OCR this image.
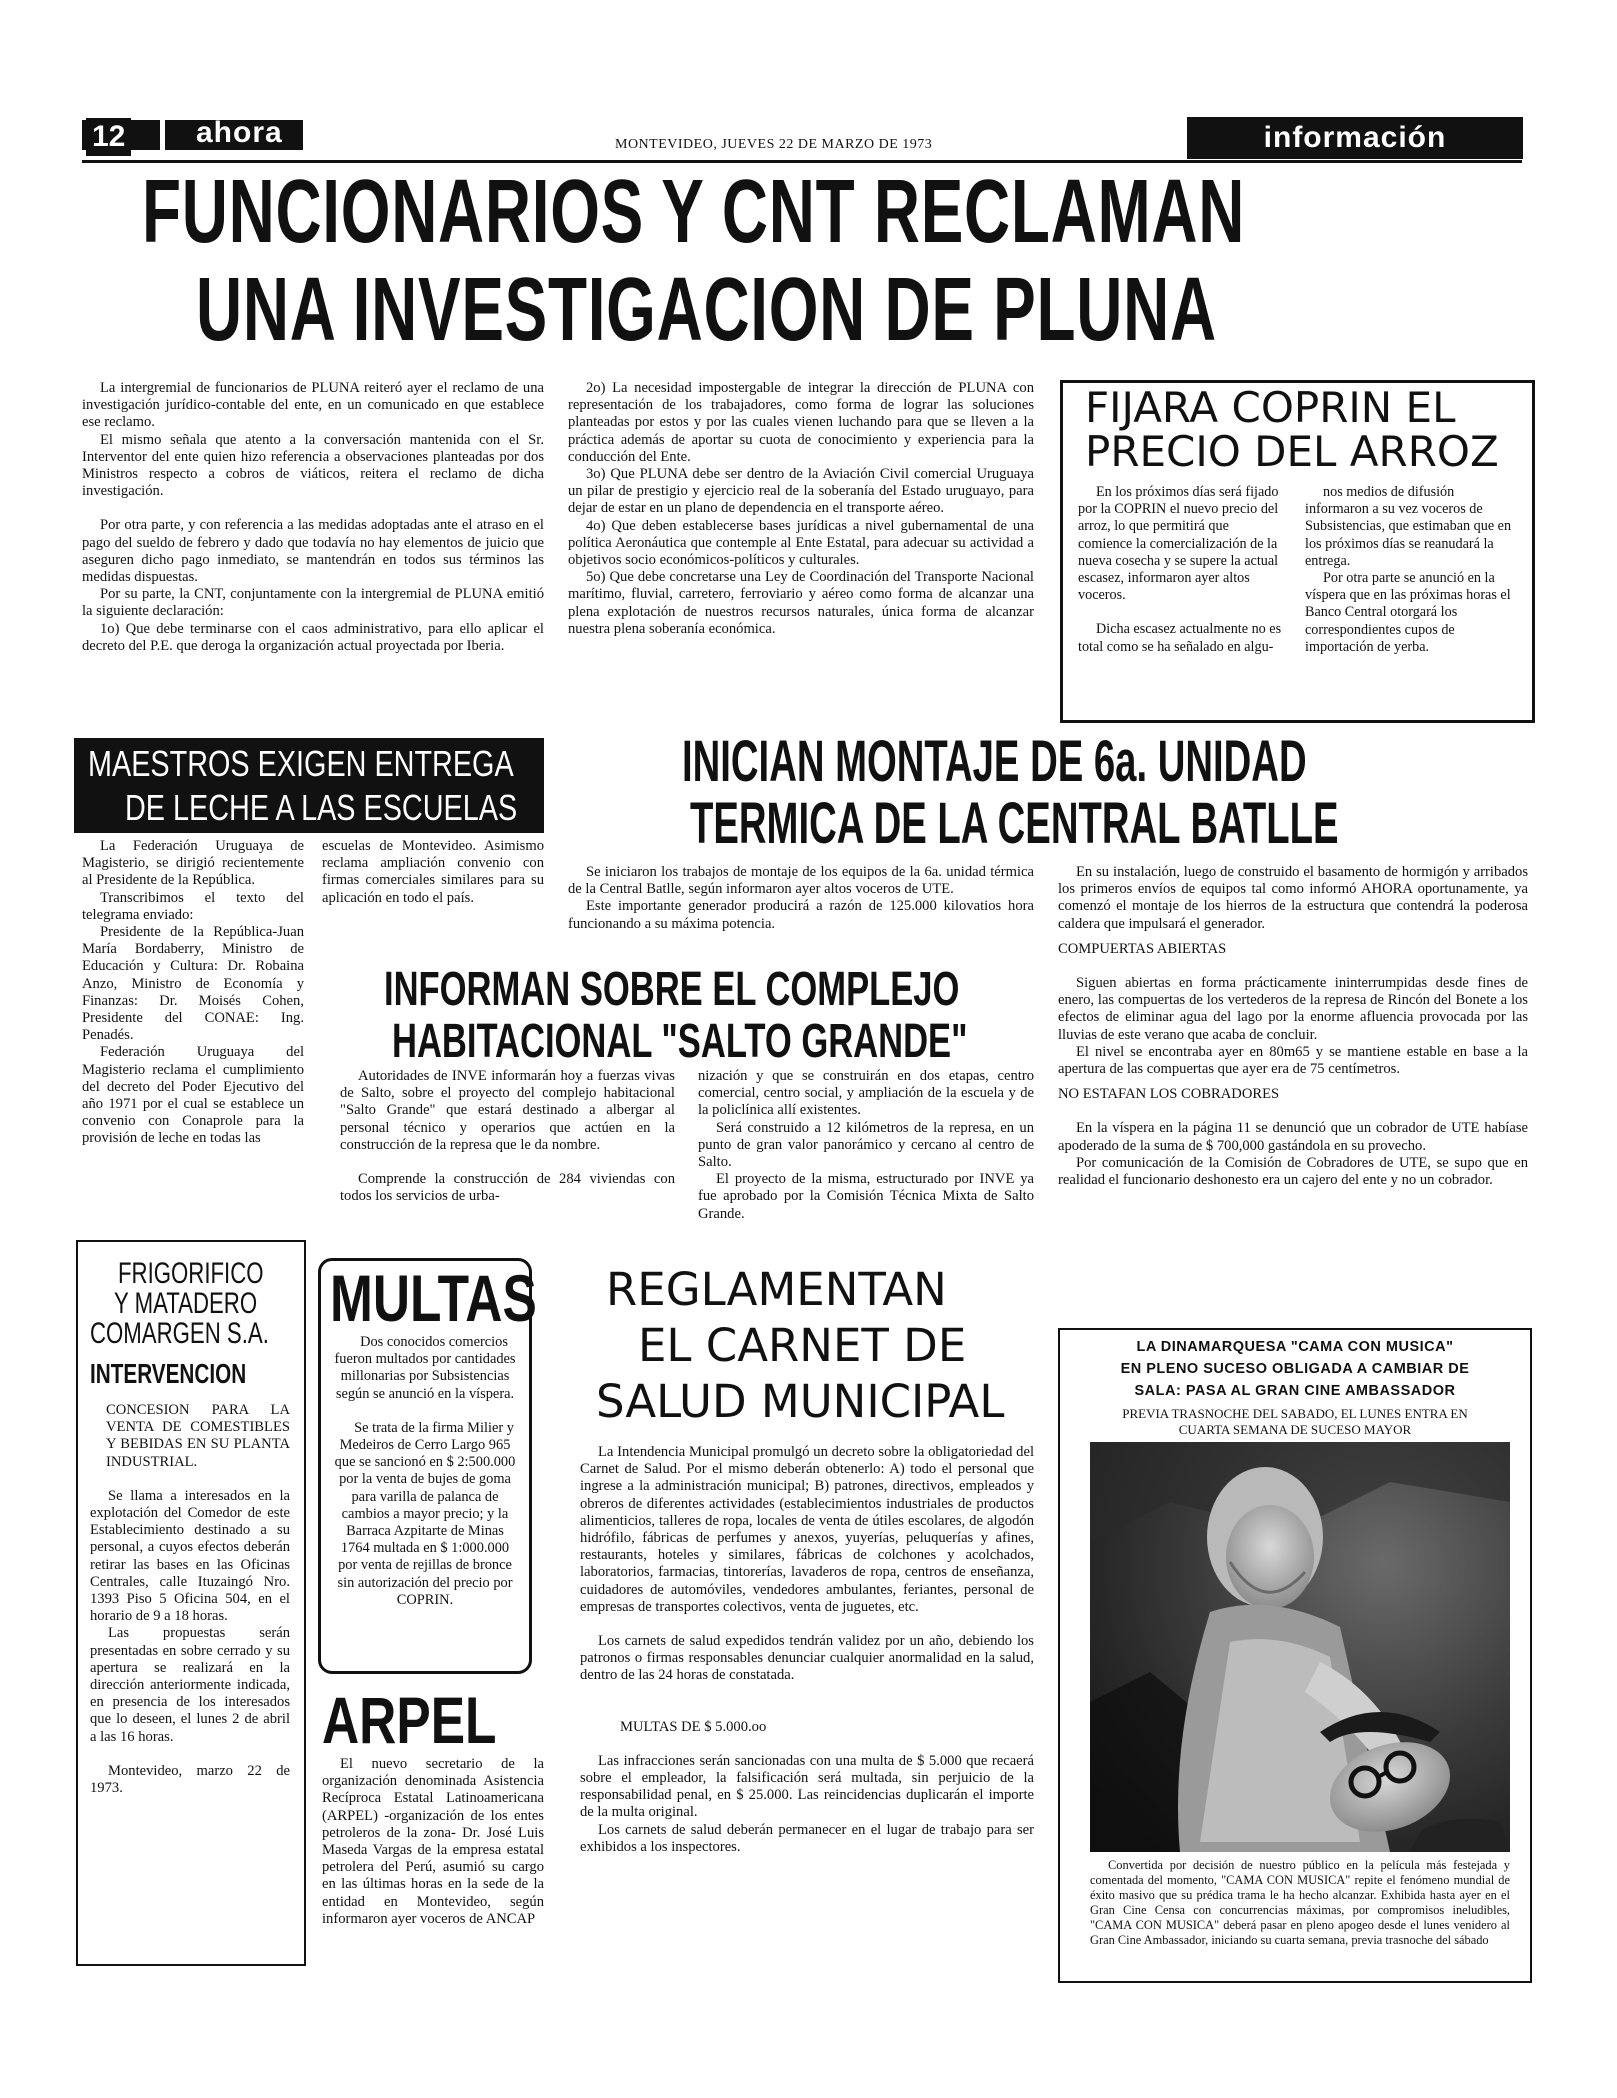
12 ahora	MONTEVIDEO, JUEVES 22 DE MARZO DE 1973	información
FUNCIONARIOS Y CNT RECLAMAN
UNA INVESTIGACION DE PLUNA

La intergremial de funcionarios de PLUNA reiteró ayer el reclamo de una investigación jurídico-contable del ente, en un comunicado en que establece ese reclamo.

El mismo señala que atento a la conversación mantenida con el Sr. Interventor del ente quien hizo referencia a observaciones planteadas por dos Ministros respecto a cobros de viáticos, reitera el reclamo de dicha investigación.

Por otra parte, y con referencia a las medidas adoptadas ante el atraso en el pago del sueldo de febrero y dado que todavía no hay elementos de juicio que aseguren dicho pago inmediato, se mantendrán en todos sus términos las medidas dispuestas.

Por su parte, la CNT, conjuntamente con la intergremial de PLUNA emitió la siguiente declaración:

1o) Que debe terminarse con el caos administrativo, para ello aplicar el decreto del P.E. que deroga la organización actual proyectada por Iberia.

2o) La necesidad impostergable de integrar la dirección de PLUNA con representación de los trabajadores, como forma de lograr las soluciones planteadas por estos y por las cuales vienen luchando para que se lleven a la práctica además de aportar su cuota de conocimiento y experiencia para la conducción del Ente.

3o) Que PLUNA debe ser dentro de la Aviación Civil comercial Uruguaya un pilar de prestigio y ejercicio real de la soberanía del Estado uruguayo, para dejar de estar en un plano de dependencia en el transporte aéreo.

4o) Que deben establecerse bases jurídicas a nivel gubernamental de una política Aeronáutica que contemple al Ente Estatal, para adecuar su actividad a objetivos socio económicos-políticos y culturales.

5o) Que debe concretarse una Ley de Coordinación del Transporte Nacional marítimo, fluvial, carretero, ferroviario y aéreo como forma de alcanzar una plena explotación de nuestros recursos naturales, única forma de alcanzar nuestra plena soberanía económica.

FIJARA COPRIN EL
PRECIO DEL ARROZ

En los próximos días será fijado por la COPRIN el nuevo precio del arroz, lo que permitirá que comience la comercialización de la nueva cosecha y se supere la actual escasez, informaron ayer altos voceros.

Dicha escasez actualmente no es total como se ha señalado en algu-

nos medios de difusión informaron a su vez voceros de Subsistencias, que estimaban que en los próximos días se reanudará la entrega.

Por otra parte se anunció en la víspera que en las próximas horas el Banco Central otorgará los correspondientes cupos de importación de yerba.

MAESTROS EXIGEN ENTREGA
DE LECHE A LAS ESCUELAS

La Federación Uruguaya de Magisterio, se dirigió recientemente al Presidente de la República.

Transcribimos el texto del telegrama enviado:

Presidente de la República-Juan María Bordaberry, Ministro de Educación y Cultura: Dr. Robaina Anzo, Ministro de Economía y Finanzas: Dr. Moisés Cohen, Presidente del CONAE: Ing. Penadés.

Federación Uruguaya del Magisterio reclama el cumplimiento del decreto del Poder Ejecutivo del año 1971 por el cual se establece un convenio con Conaprole para la provisión de leche en todas las

escuelas de Montevideo. Asimismo reclama ampliación convenio con firmas comerciales similares para su aplicación en todo el país.

INICIAN MONTAJE DE 6a. UNIDAD
TERMICA DE LA CENTRAL BATLLE

Se iniciaron los trabajos de montaje de los equipos de la 6a. unidad térmica de la Central Batlle, según informaron ayer altos voceros de UTE.

Este importante generador producirá a razón de 125.000 kilovatios hora funcionando a su máxima potencia.

En su instalación, luego de construido el basamento de hormigón y arribados los primeros envíos de equipos tal como informó AHORA oportunamente, ya comenzó el montaje de los hierros de la estructura que contendrá la poderosa caldera que impulsará el generador.

COMPUERTAS ABIERTAS

Siguen abiertas en forma prácticamente ininterrumpidas desde fines de enero, las compuertas de los vertederos de la represa de Rincón del Bonete a los efectos de eliminar agua del lago por la enorme afluencia provocada por las lluvias de este verano que acaba de concluir.

El nivel se encontraba ayer en 80m65 y se mantiene estable en base a la apertura de las compuertas que ayer era de 75 centímetros.

NO ESTAFAN LOS COBRADORES

En la víspera en la página 11 se denunció que un cobrador de UTE habíase apoderado de la suma de $ 700,000 gastándola en su provecho.

Por comunicación de la Comisión de Cobradores de UTE, se supo que en realidad el funcionario deshonesto era un cajero del ente y no un cobrador.

INFORMAN SOBRE EL COMPLEJO
HABITACIONAL "SALTO GRANDE"

Autoridades de INVE informarán hoy a fuerzas vivas de Salto, sobre el proyecto del complejo habitacional "Salto Grande" que estará destinado a albergar al personal técnico y operarios que actúen en la construcción de la represa que le da nombre.

Comprende la construcción de 284 viviendas con todos los servicios de urba-

nización y que se construirán en dos etapas, centro comercial, centro social, y ampliación de la escuela y de la policlínica allí existentes.

Será construido a 12 kilómetros de la represa, en un punto de gran valor panorámico y cercano al centro de Salto.

El proyecto de la misma, estructurado por INVE ya fue aprobado por la Comisión Técnica Mixta de Salto Grande.

FRIGORIFICO
Y MATADERO
COMARGEN S.A.
INTERVENCION

CONCESION PARA LA VENTA DE COMESTIBLES Y BEBIDAS EN SU PLANTA INDUSTRIAL.

Se llama a interesados en la explotación del Comedor de este Establecimiento destinado a su personal, a cuyos efectos deberán retirar las bases en las Oficinas Centrales, calle Ituzaingó Nro. 1393 Piso 5 Oficina 504, en el horario de 9 a 18 horas.

Las propuestas serán presentadas en sobre cerrado y su apertura se realizará en la dirección anteriormente indicada, en presencia de los interesados que lo deseen, el lunes 2 de abril a las 16 horas.

Montevideo, marzo 22 de 1973.

MULTAS

Dos conocidos comercios fueron multados por cantidades millonarias por Subsistencias según se anunció en la víspera.

Se trata de la firma Milier y Medeiros de Cerro Largo 965 que se sancionó en $ 2:500.000 por la venta de bujes de goma para varilla de palanca de cambios a mayor precio; y la Barraca Azpitarte de Minas 1764 multada en $ 1:000.000 por venta de rejillas de bronce sin autorización del precio por COPRIN.

ARPEL

El nuevo secretario de la organización denominada Asistencia Recíproca Estatal Latinoamericana (ARPEL) -organización de los entes petroleros de la zona- Dr. José Luis Maseda Vargas de la empresa estatal petrolera del Perú, asumió su cargo en las últimas horas en la sede de la entidad en Montevideo, según informaron ayer voceros de ANCAP

REGLAMENTAN
EL CARNET DE
SALUD MUNICIPAL

La Intendencia Municipal promulgó un decreto sobre la obligatoriedad del Carnet de Salud. Por el mismo deberán obtenerlo: A) todo el personal que ingrese a la administración municipal; B) patrones, directivos, empleados y obreros de diferentes actividades (establecimientos industriales de productos alimenticios, talleres de ropa, locales de venta de útiles escolares, de algodón hidrófilo, fábricas de perfumes y anexos, yuyerías, peluquerías y afines, restaurants, hoteles y similares, fábricas de colchones y acolchados, laboratorios, farmacias, tintorerías, lavaderos de ropa, centros de enseñanza, cuidadores de automóviles, vendedores ambulantes, feriantes, personal de empresas de transportes colectivos, venta de juguetes, etc.

Los carnets de salud expedidos tendrán validez por un año, debiendo los patronos o firmas responsables denunciar cualquier anormalidad en la salud, dentro de las 24 horas de constatada.

MULTAS DE $ 5.000.oo

Las infracciones serán sancionadas con una multa de $ 5.000 que recaerá sobre el empleador, la falsificación será multada, sin perjuicio de la responsabilidad penal, en $ 25.000. Las reincidencias duplicarán el importe de la multa original.

Los carnets de salud deberán permanecer en el lugar de trabajo para ser exhibidos a los inspectores.

LA DINAMARQUESA "CAMA CON MUSICA"
EN PLENO SUCESO OBLIGADA A CAMBIAR DE
SALA: PASA AL GRAN CINE AMBASSADOR
PREVIA TRASNOCHE DEL SABADO, EL LUNES ENTRA EN
CUARTA SEMANA DE SUCESO MAYOR

Convertida por decisión de nuestro público en la película más festejada y comentada del momento, "CAMA CON MUSICA" repite el fenómeno mundial de éxito masivo que su prédica trama le ha hecho alcanzar. Exhibida hasta ayer en el Gran Cine Censa con concurrencias máximas, por compromisos ineludibles, "CAMA CON MUSICA" deberá pasar en pleno apogeo desde el lunes venidero al Gran Cine Ambassador, iniciando su cuarta semana, previa trasnoche del sábado
